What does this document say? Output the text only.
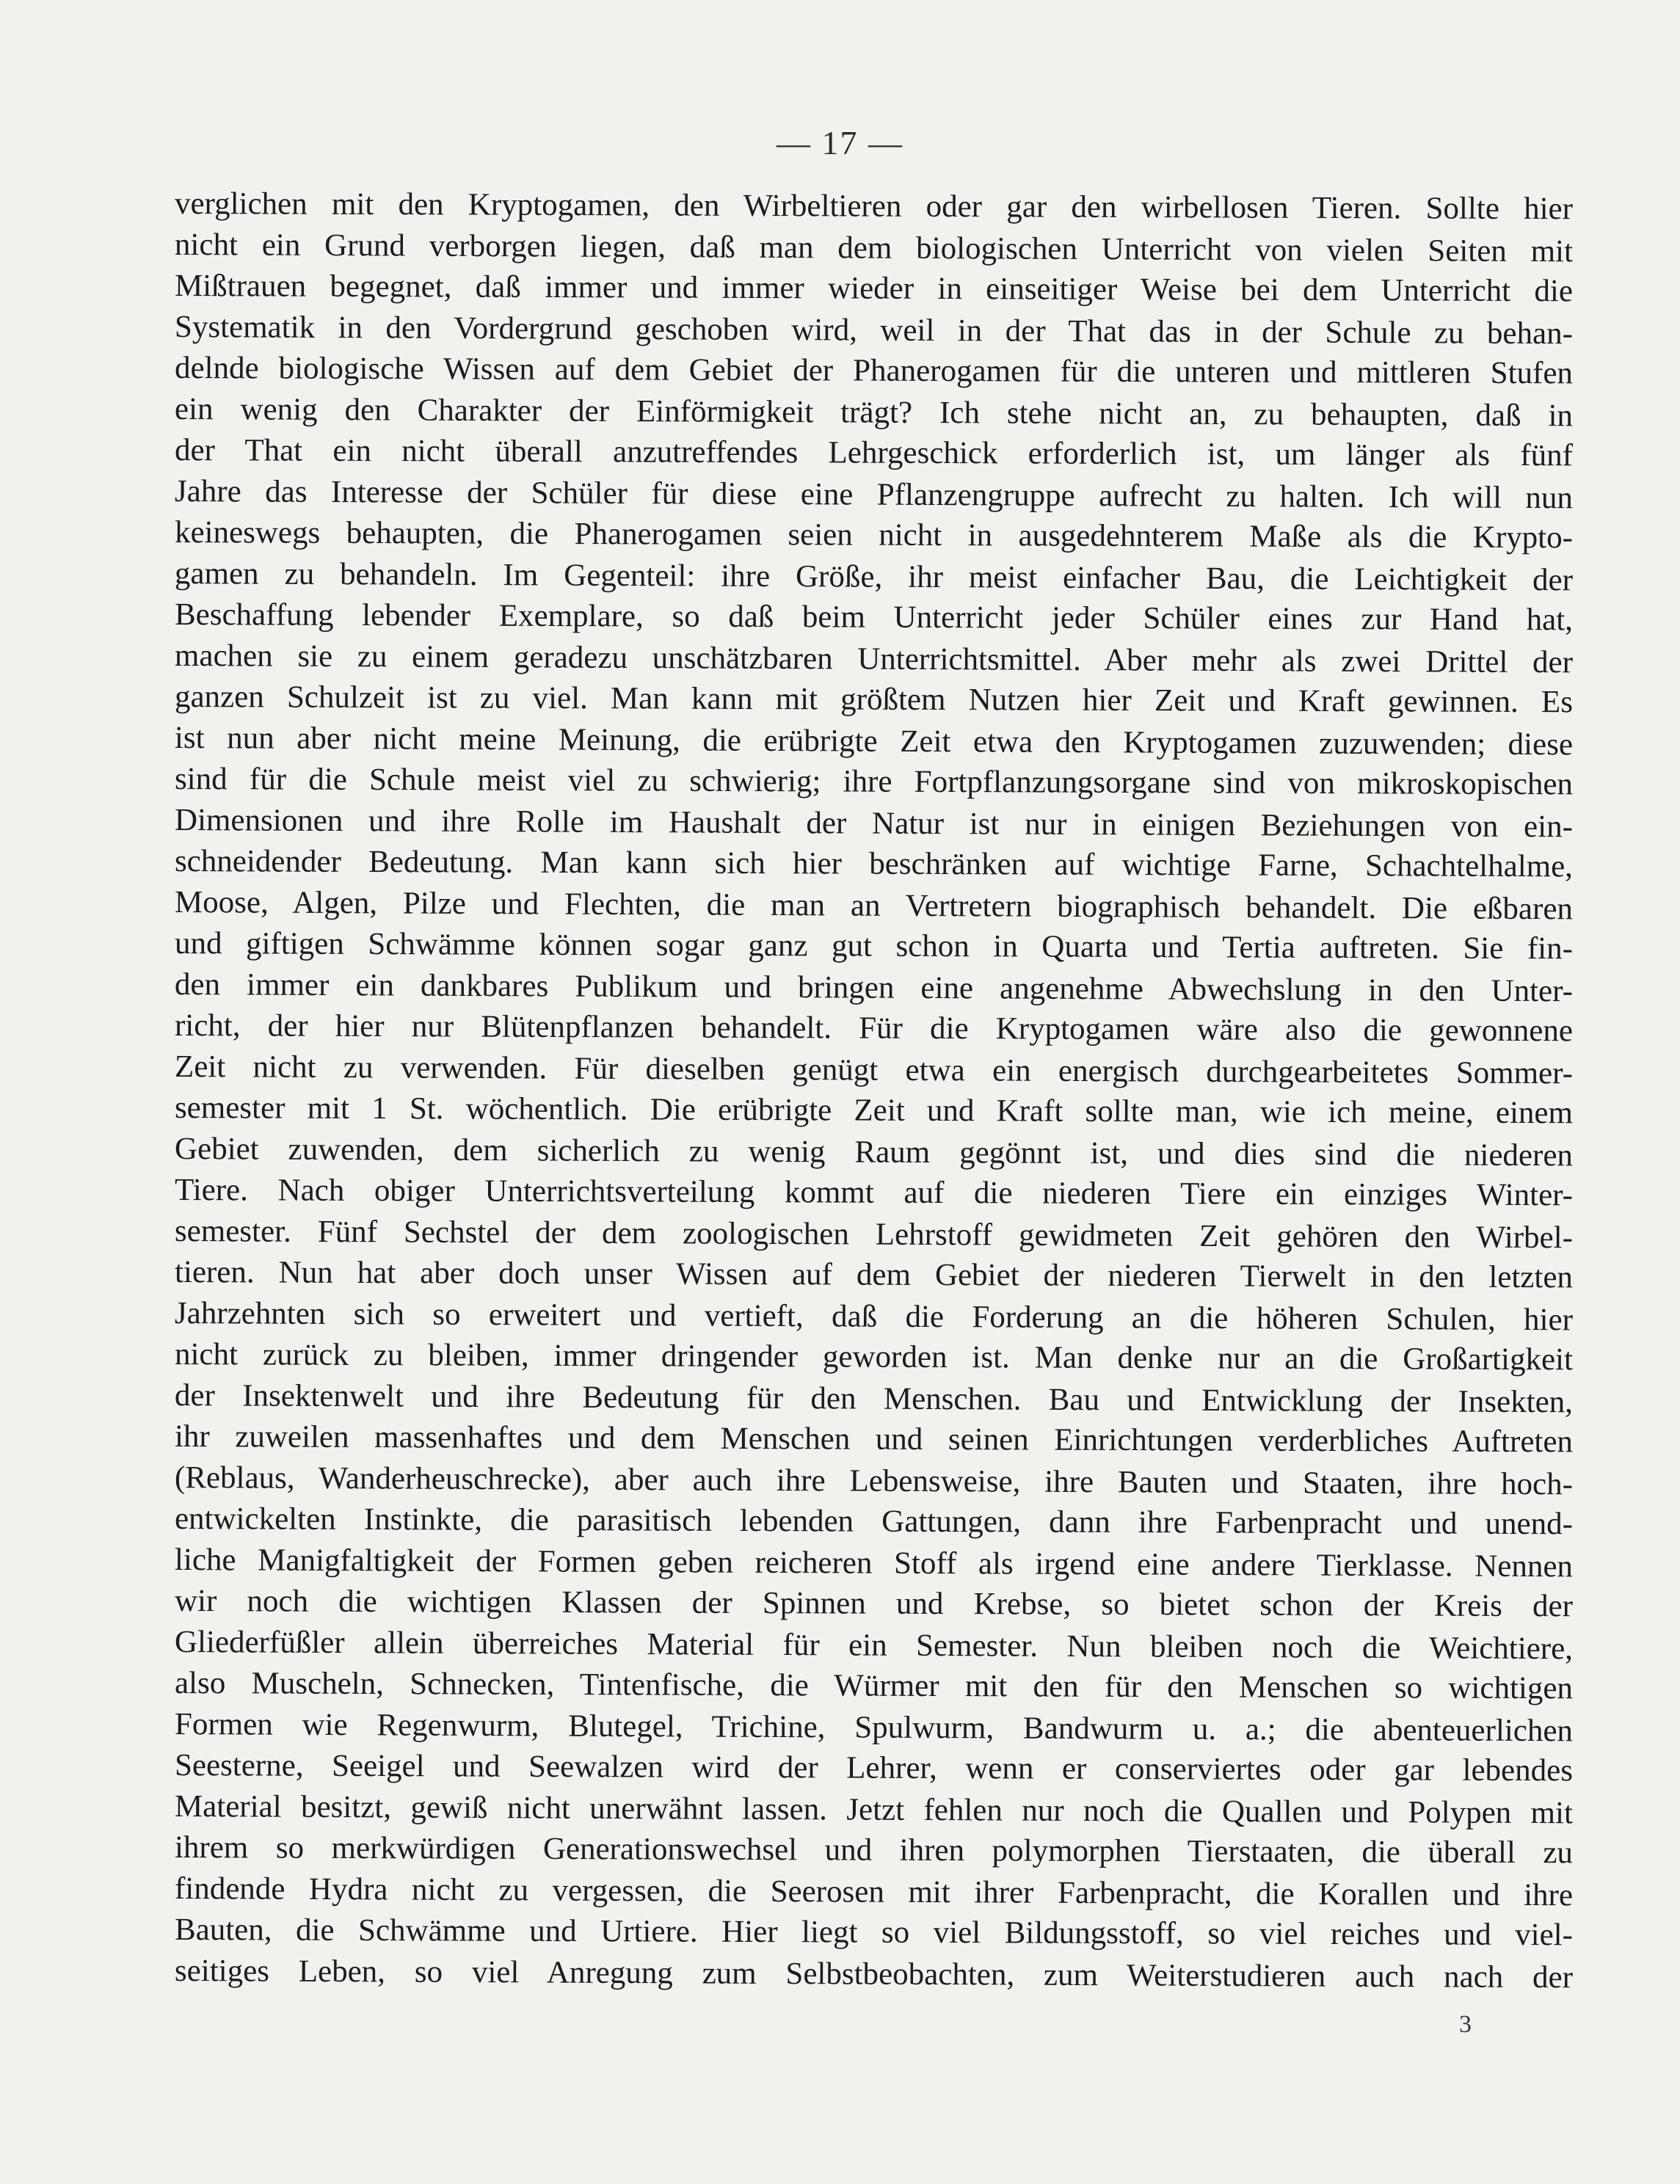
— 17 —
verglichen mit den Kryptogamen, den Wirbeltieren oder gar den wirbellosen Tieren. Sollte hier
nicht ein Grund verborgen liegen, daß man dem biologischen Unterricht von vielen Seiten mit
Mißtrauen begegnet, daß immer und immer wieder in einseitiger Weise bei dem Unterricht die
Systematik in den Vordergrund geschoben wird, weil in der That das in der Schule zu behan-
delnde biologische Wissen auf dem Gebiet der Phanerogamen für die unteren und mittleren Stufen
ein wenig den Charakter der Einförmigkeit trägt? Ich stehe nicht an, zu behaupten, daß in
der That ein nicht überall anzutreffendes Lehrgeschick erforderlich ist, um länger als fünf
Jahre das Interesse der Schüler für diese eine Pflanzengruppe aufrecht zu halten. Ich will nun
keineswegs behaupten, die Phanerogamen seien nicht in ausgedehnterem Maße als die Krypto-
gamen zu behandeln. Im Gegenteil: ihre Größe, ihr meist einfacher Bau, die Leichtigkeit der
Beschaffung lebender Exemplare, so daß beim Unterricht jeder Schüler eines zur Hand hat,
machen sie zu einem geradezu unschätzbaren Unterrichtsmittel. Aber mehr als zwei Drittel der
ganzen Schulzeit ist zu viel. Man kann mit größtem Nutzen hier Zeit und Kraft gewinnen. Es
ist nun aber nicht meine Meinung, die erübrigte Zeit etwa den Kryptogamen zuzuwenden; diese
sind für die Schule meist viel zu schwierig; ihre Fortpflanzungsorgane sind von mikroskopischen
Dimensionen und ihre Rolle im Haushalt der Natur ist nur in einigen Beziehungen von ein-
schneidender Bedeutung. Man kann sich hier beschränken auf wichtige Farne, Schachtelhalme,
Moose, Algen, Pilze und Flechten, die man an Vertretern biographisch behandelt. Die eßbaren
und giftigen Schwämme können sogar ganz gut schon in Quarta und Tertia auftreten. Sie fin-
den immer ein dankbares Publikum und bringen eine angenehme Abwechslung in den Unter-
richt, der hier nur Blütenpflanzen behandelt. Für die Kryptogamen wäre also die gewonnene
Zeit nicht zu verwenden. Für dieselben genügt etwa ein energisch durchgearbeitetes Sommer-
semester mit 1 St. wöchentlich. Die erübrigte Zeit und Kraft sollte man, wie ich meine, einem
Gebiet zuwenden, dem sicherlich zu wenig Raum gegönnt ist, und dies sind die niederen
Tiere. Nach obiger Unterrichtsverteilung kommt auf die niederen Tiere ein einziges Winter-
semester. Fünf Sechstel der dem zoologischen Lehrstoff gewidmeten Zeit gehören den Wirbel-
tieren. Nun hat aber doch unser Wissen auf dem Gebiet der niederen Tierwelt in den letzten
Jahrzehnten sich so erweitert und vertieft, daß die Forderung an die höheren Schulen, hier
nicht zurück zu bleiben, immer dringender geworden ist. Man denke nur an die Großartigkeit
der Insektenwelt und ihre Bedeutung für den Menschen. Bau und Entwicklung der Insekten,
ihr zuweilen massenhaftes und dem Menschen und seinen Einrichtungen verderbliches Auftreten
(Reblaus, Wanderheuschrecke), aber auch ihre Lebensweise, ihre Bauten und Staaten, ihre hoch-
entwickelten Instinkte, die parasitisch lebenden Gattungen, dann ihre Farbenpracht und unend-
liche Manigfaltigkeit der Formen geben reicheren Stoff als irgend eine andere Tierklasse. Nennen
wir noch die wichtigen Klassen der Spinnen und Krebse, so bietet schon der Kreis der
Gliederfüßler allein überreiches Material für ein Semester. Nun bleiben noch die Weichtiere,
also Muscheln, Schnecken, Tintenfische, die Würmer mit den für den Menschen so wichtigen
Formen wie Regenwurm, Blutegel, Trichine, Spulwurm, Bandwurm u. a.; die abenteuerlichen
Seesterne, Seeigel und Seewalzen wird der Lehrer, wenn er conserviertes oder gar lebendes
Material besitzt, gewiß nicht unerwähnt lassen. Jetzt fehlen nur noch die Quallen und Polypen mit
ihrem so merkwürdigen Generationswechsel und ihren polymorphen Tierstaaten, die überall zu
findende Hydra nicht zu vergessen, die Seerosen mit ihrer Farbenpracht, die Korallen und ihre
Bauten, die Schwämme und Urtiere. Hier liegt so viel Bildungsstoff, so viel reiches und viel-
seitiges Leben, so viel Anregung zum Selbstbeobachten, zum Weiterstudieren auch nach der
3
